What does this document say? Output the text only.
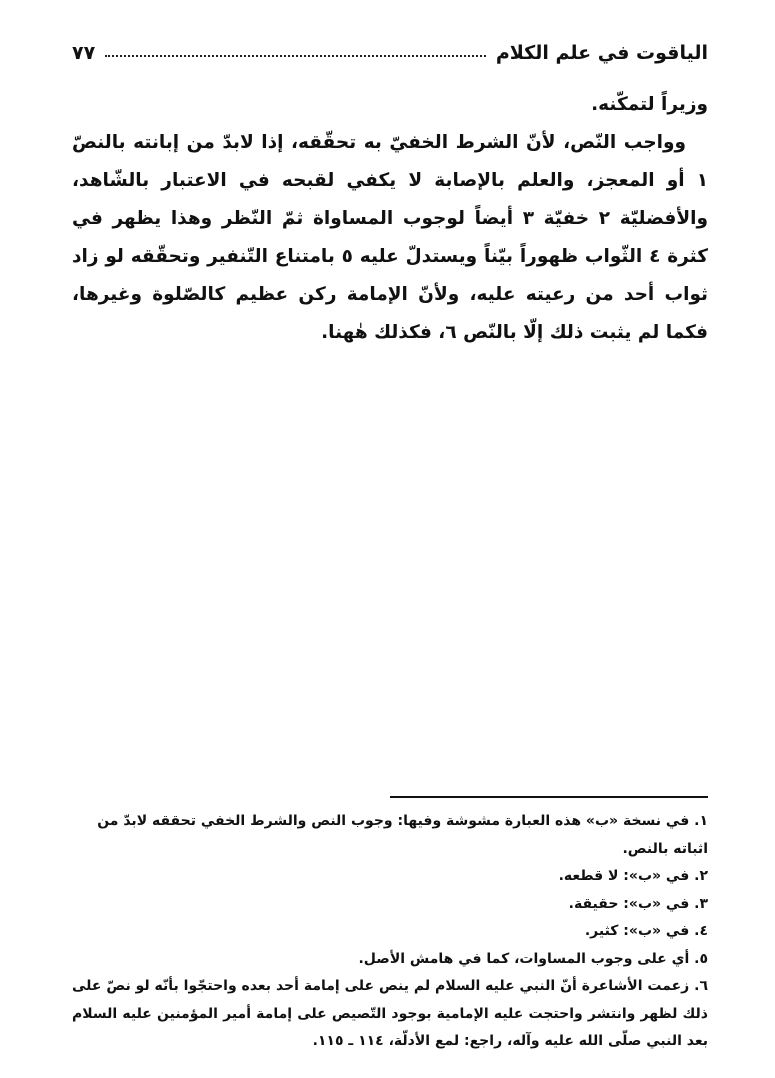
الياقوت في علم الكلام
٧٧

وزيراً لتمكّنه.

وواجب النّص، لأنّ الشرط الخفيّ به تحقّقه، إذا لابدّ من إبانته بالنصّ ١ أو المعجز، والعلم بالإصابة لا يكفي لقبحه في الاعتبار بالشّاهد، والأفضليّة ٢ خفيّة ٣ أيضاً لوجوب المساواة ثمّ النّظر وهذا يظهر في كثرة ٤ الثّواب ظهوراً بيّناً ويستدلّ عليه ٥ بامتناع التّنفير وتحقّقه لو زاد ثواب أحد من رعيته عليه، ولأنّ الإمامة ركن عظيم كالصّلوة وغيرها، فكما لم يثبت ذلك إلّا بالنّص ٦، فكذلك هٰهنا.

١. في نسخة «ب» هذه العبارة مشوشة وفيها: وجوب النص والشرط الخفي تحققه لابدّ من اثباته بالنص.

٢. في «ب»: لا قطعه.

٣. في «ب»: حقيقة.

٤. في «ب»: كثير.

٥. أي على وجوب المساوات، كما في هامش الأصل.

٦. زعمت الأشاعرة أنّ النبي عليه السلام لم ينص على إمامة أحد بعده واحتجّوا بأنّه لو نصّ على ذلك لظهر وانتشر واحتجت عليه الإمامية بوجود التّصيص على إمامة أمير المؤمنين عليه السلام بعد النبي صلّى الله عليه وآله، راجع: لمع الأدلّة، ١١٤ ـ ١١٥.
